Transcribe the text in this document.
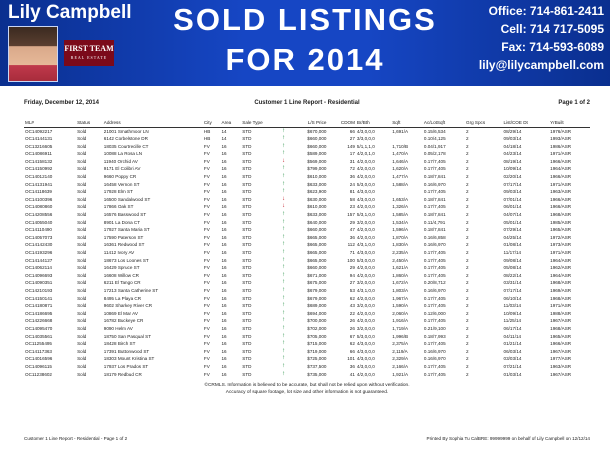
Lily Campbell
FIRST TEAM
REAL ESTATE
SOLD LISTINGS
FOR 2014
Office: 714-861-2411
Cell: 714 717-5095
Fax: 714-593-6089
lily@lilycampbell.com
Friday, December 12, 2014	Customer 1 Line Report - Residential	Page 1 of 2
ML#	Status	Address	City	Area	Sale Type		L/S Price	CDOM	Br/Bth	Sqft	Ac/LotSqft	Grg Spcs	List/COE Dt	YrBuilt
OC14092217	Sold	21001 Smathmoor LN	HB	14	STD	↑	$670,000	66	4/3,0,0,0	1,691/A	0.15/6,534	2	08/29/14	1976/ASR
OC14144131	Sold	6142 Corbelstone DR	HB	14	STD	↑	$660,000	27	3/3,0,0,0		0.10/4,125	2	09/03/14	1993/ASR
OC13216605	Sold	18035 Courtrecille CT	FV	16	STD	↑	$660,000	149	5/1,1,1,0	1,710/B	0.04/1,917	2	04/18/14	1986/ASR
OC14086911	Sold	10088 La Rosa LN	FV	16	STD	↑	$589,000	17	4/2,0,1,0	1,470/A	0.05/2,178	2	04/23/14	1971/ASR
OC14158132	Sold	11940 Orchid AV	FV	16	STD	↓	$569,000	31	4/2,0,0,0	1,646/A	0.17/7,405	2	08/19/14	1966/ASR
OC14150992	Sold	9171 El Colibri AV	FV	16	STD	↑	$799,000	72	4/2,0,0,0	1,620/A	0.17/7,405	2	10/09/14	1964/ASR
OC14012140	Sold	9660 Poppy CR	FV	16	STD	↑	$610,000	36	4/2,0,0,0	1,477/A	0.18/7,841	2	02/20/14	1966/ASR
OC14131941	Sold	16458 Vernon ST	FV	16	STD	↑	$633,000	24	5/3,0,0,0	1,588/A	0.16/6,970	2	07/17/14	1971/ASR
OC14118639	Sold	17928 Elm ST	FV	16	STD	↑	$623,900	81	4/3,0,0,0		0.17/7,405	2	09/03/14	1963/ASR
OC14100396	Sold	16500 Sandalwood ST	FV	16	STD	↓	$630,000	58	4/3,0,0,0	1,653/A	0.18/7,841	2	07/01/14	1966/ASR
OC14080860	Sold	17866 Oak ST	FV	16	STD	↓	$610,000	23	4/2,0,0,0	1,326/A	0.17/7,405	2	06/01/14	1966/ASR
OC14208556	Sold	16576 Basswood ST	FV	16	STD	↑	$633,000	157	5/3,1,0,0	1,585/A	0.18/7,841	2	04/07/14	1968/ASR
OC14055040	Sold	8901 La Dona CT	FV	16	STD	↑	$640,000	29	3/2,0,0,0	1,534/A	0.11/4,791	2	05/01/14	1985/ASR
OC14110490	Sold	17927 Santa Maria ST	FV	16	STD	↑	$660,000	47	4/2,0,0,0	1,596/A	0.18/7,841	2	07/29/14	1965/ASR
OC14057073	Sold	17590 Paterson ST	FV	16	STD	↑	$665,000	36	4/2,0,0,0	1,870/A	0.16/6,858	2	04/25/14	1972/ASR
OC14142430	Sold	16361 Redwood ST	FV	16	STD	↑	$665,000	112	4/3,1,0,0	1,830/A	0.16/6,970	2	01/08/14	1973/ASR
OC14193296	Sold	11412 Ivory AV	FV	16	STD	↑	$665,000	71	4/3,0,0,0	2,235/A	0.17/7,405	2	11/17/14	1971/ASR
OC14144127	Sold	18673 Los Loones ST	FV	16	STD	↑	$665,000	100	5/3,0,0,0	2,450/A	0.17/7,405	2	09/08/14	1964/ASR
OC14062114	Sold	16429 Spruce ST	FV	16	STD	↑	$660,000	29	4/2,0,0,0	1,621/A	0.17/7,405	2	05/08/14	1962/ASR
OC14096693	Sold	16608 Willow CR	FV	16	STD	↑	$671,000	94	4/2,0,0,0	1,860/A	0.17/7,405	2	08/22/14	1964/ASR
OC14090351	Sold	6211 El Tango CR	FV	16	STD	↑	$675,000	27	3/2,0,0,0	1,672/A	0.20/8,712	2	03/31/14	1968/ASR
OC14210193	Sold	17213 Santa Catherine ST	FV	16	STD	↑	$679,000	53	4/3,1,0,0	1,803/A	0.16/6,970	2	07/17/14	1969/ASR
OC14150141	Sold	8495 La Playa CR	FV	16	STD	↑	$679,000	62	4/2,0,0,0	1,967/A	0.17/7,405	2	06/10/14	1968/ASR
OC14180871	Sold	9602 Sharkey River CR	FV	16	STD	↑	$689,000	43	3/2,0,0,0	1,590/A	0.17/7,405	2	11/03/14	1971/ASR
OC14186695	Sold	10869 El Mar AV	FV	16	STD	↑	$694,000	22	4/2,0,0,0	2,060/A	0.12/6,000	2	10/09/14	1988/ASR
OC14226668	Sold	16782 Buckeye CR	FV	16	STD	↑	$700,000	26	4/2,0,0,0	1,916/A	0.17/7,405	2	11/25/14	1967/ASR
OC14095470	Sold	9090 Helm AV	FV	16	STD	↑	$702,000	26	3/2,0,0,0	1,719/A	0.21/9,100	2	06/17/14	1968/ASR
OC14035561	Sold	18750 San Pasqual ST	FV	16	STD	↑	$705,000	67	5/3,0,0,0	1,996/B	0.18/7,993	2	04/11/14	1965/ASR
OC11255495	Sold	18428 Birch ST	FV	16	STD	↑	$715,000	62	4/3,0,0,0	2,375/A	0.17/7,405	2	01/21/14	1966/ASR
OC14117363	Sold	17391 Buttonwood ST	FV	16	STD	↑	$719,000	66	4/3,0,0,0	2,119/A	0.16/6,970	2	06/03/14	1967/ASR
OC14016596	Sold	18303 Mount Kristina ST	FV	16	STD	↑	$725,000	101	4/3,0,0,0	2,329/A	0.16/6,970	2	03/03/14	1977/ASR
OC14096115	Sold	17937 Los Prados ST	FV	16	STD	↑	$737,500	36	4/3,0,0,0	2,166/A	0.17/7,405	2	07/21/14	1963/ASR
OC11238602	Sold	18179 Redbud CR	FV	16	STD	↑	$735,000	41	4/2,0,0,0	1,921/A	0.17/7,405	2	01/03/14	1967/ASR
©CRMLS. Information is believed to be accurate, but shall not be relied upon without verification.
Accuracy of square footage, lot size and other information is not guaranteed.
Customer 1 Line Report - Residential - Page 1 of 2	Printed By Sophia Tu CalBRE: 99999999 on behalf of Lily Campbell on 12/12/14
